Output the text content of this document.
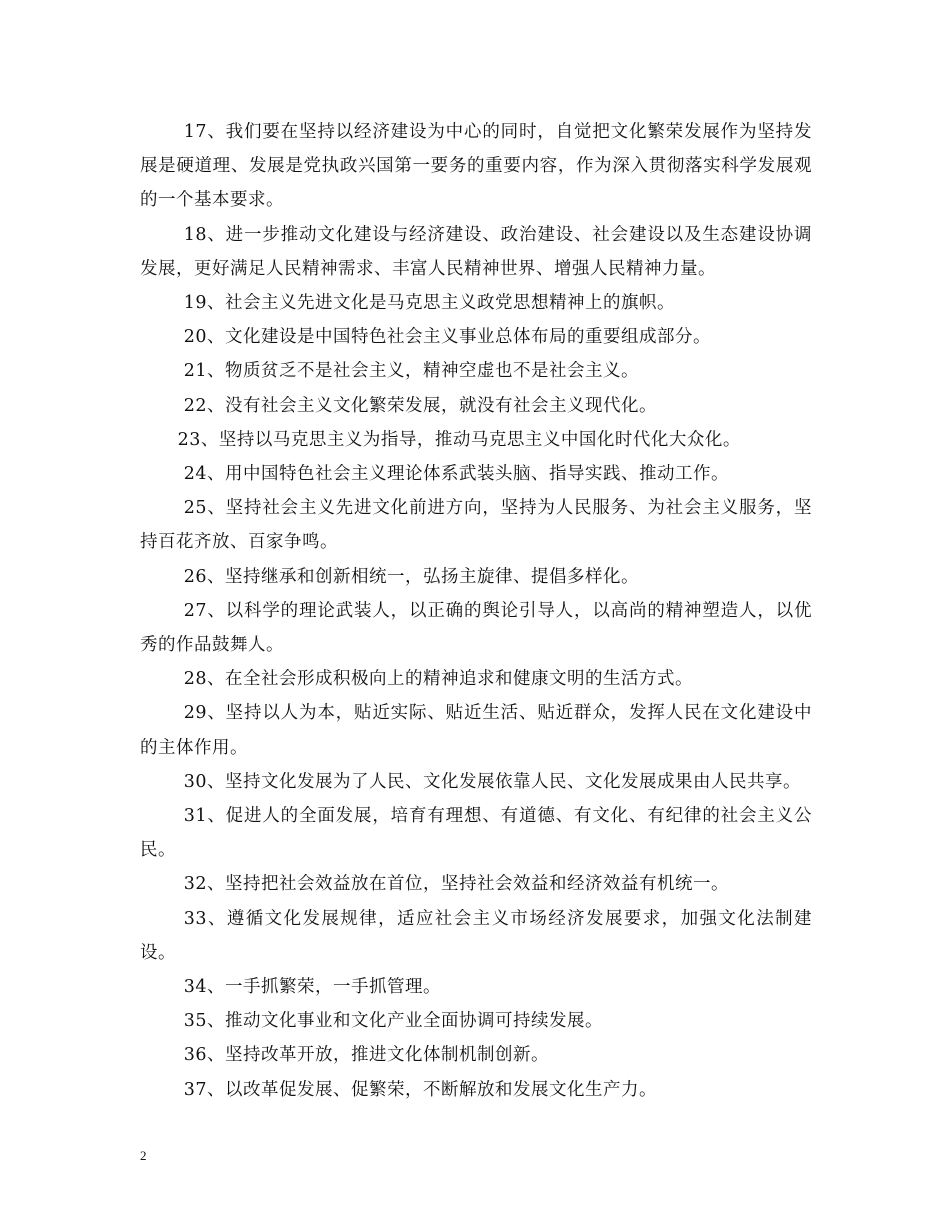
17、我们要在坚持以经济建设为中心的同时，自觉把文化繁荣发展作为坚持发展是硬道理、发展是党执政兴国第一要务的重要内容，作为深入贯彻落实科学发展观的一个基本要求。

18、进一步推动文化建设与经济建设、政治建设、社会建设以及生态建设协调发展，更好满足人民精神需求、丰富人民精神世界、增强人民精神力量。

19、社会主义先进文化是马克思主义政党思想精神上的旗帜。

20、文化建设是中国特色社会主义事业总体布局的重要组成部分。

21、物质贫乏不是社会主义，精神空虚也不是社会主义。

22、没有社会主义文化繁荣发展，就没有社会主义现代化。

23、坚持以马克思主义为指导，推动马克思主义中国化时代化大众化。

24、用中国特色社会主义理论体系武装头脑、指导实践、推动工作。

25、坚持社会主义先进文化前进方向，坚持为人民服务、为社会主义服务，坚持百花齐放、百家争鸣。

26、坚持继承和创新相统一，弘扬主旋律、提倡多样化。

27、以科学的理论武装人，以正确的舆论引导人，以高尚的精神塑造人，以优秀的作品鼓舞人。

28、在全社会形成积极向上的精神追求和健康文明的生活方式。

29、坚持以人为本，贴近实际、贴近生活、贴近群众，发挥人民在文化建设中的主体作用。

30、坚持文化发展为了人民、文化发展依靠人民、文化发展成果由人民共享。

31、促进人的全面发展，培育有理想、有道德、有文化、有纪律的社会主义公民。

32、坚持把社会效益放在首位，坚持社会效益和经济效益有机统一。

33、遵循文化发展规律，适应社会主义市场经济发展要求，加强文化法制建设。

34、一手抓繁荣，一手抓管理。

35、推动文化事业和文化产业全面协调可持续发展。

36、坚持改革开放，推进文化体制机制创新。

37、以改革促发展、促繁荣，不断解放和发展文化生产力。

2
